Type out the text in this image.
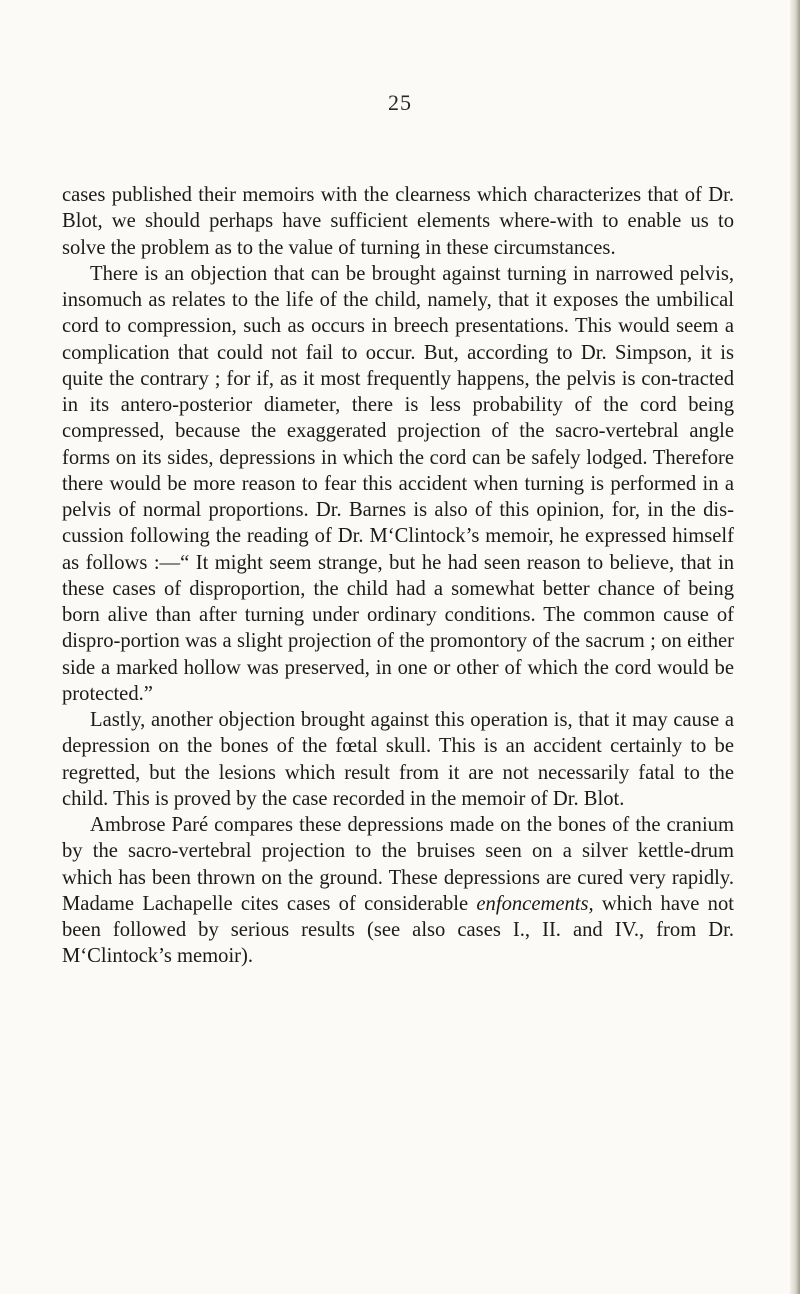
25

cases published their memoirs with the clearness which characterizes that of Dr. Blot, we should perhaps have sufficient elements where-with to enable us to solve the problem as to the value of turning in these circumstances.

There is an objection that can be brought against turning in narrowed pelvis, insomuch as relates to the life of the child, namely, that it exposes the umbilical cord to compression, such as occurs in breech presentations. This would seem a complication that could not fail to occur. But, according to Dr. Simpson, it is quite the contrary ; for if, as it most frequently happens, the pelvis is con-tracted in its antero-posterior diameter, there is less probability of the cord being compressed, because the exaggerated projection of the sacro-vertebral angle forms on its sides, depressions in which the cord can be safely lodged. Therefore there would be more reason to fear this accident when turning is performed in a pelvis of normal proportions. Dr. Barnes is also of this opinion, for, in the dis-cussion following the reading of Dr. M‘Clintock’s memoir, he expressed himself as follows :—“ It might seem strange, but he had seen reason to believe, that in these cases of disproportion, the child had a somewhat better chance of being born alive than after turning under ordinary conditions. The common cause of dispro-portion was a slight projection of the promontory of the sacrum ; on either side a marked hollow was preserved, in one or other of which the cord would be protected.”

Lastly, another objection brought against this operation is, that it may cause a depression on the bones of the fœtal skull. This is an accident certainly to be regretted, but the lesions which result from it are not necessarily fatal to the child. This is proved by the case recorded in the memoir of Dr. Blot.

Ambrose Paré compares these depressions made on the bones of the cranium by the sacro-vertebral projection to the bruises seen on a silver kettle-drum which has been thrown on the ground. These depressions are cured very rapidly. Madame Lachapelle cites cases of considerable enfoncements, which have not been followed by serious results (see also cases I., II. and IV., from Dr. M‘Clintock’s memoir).
